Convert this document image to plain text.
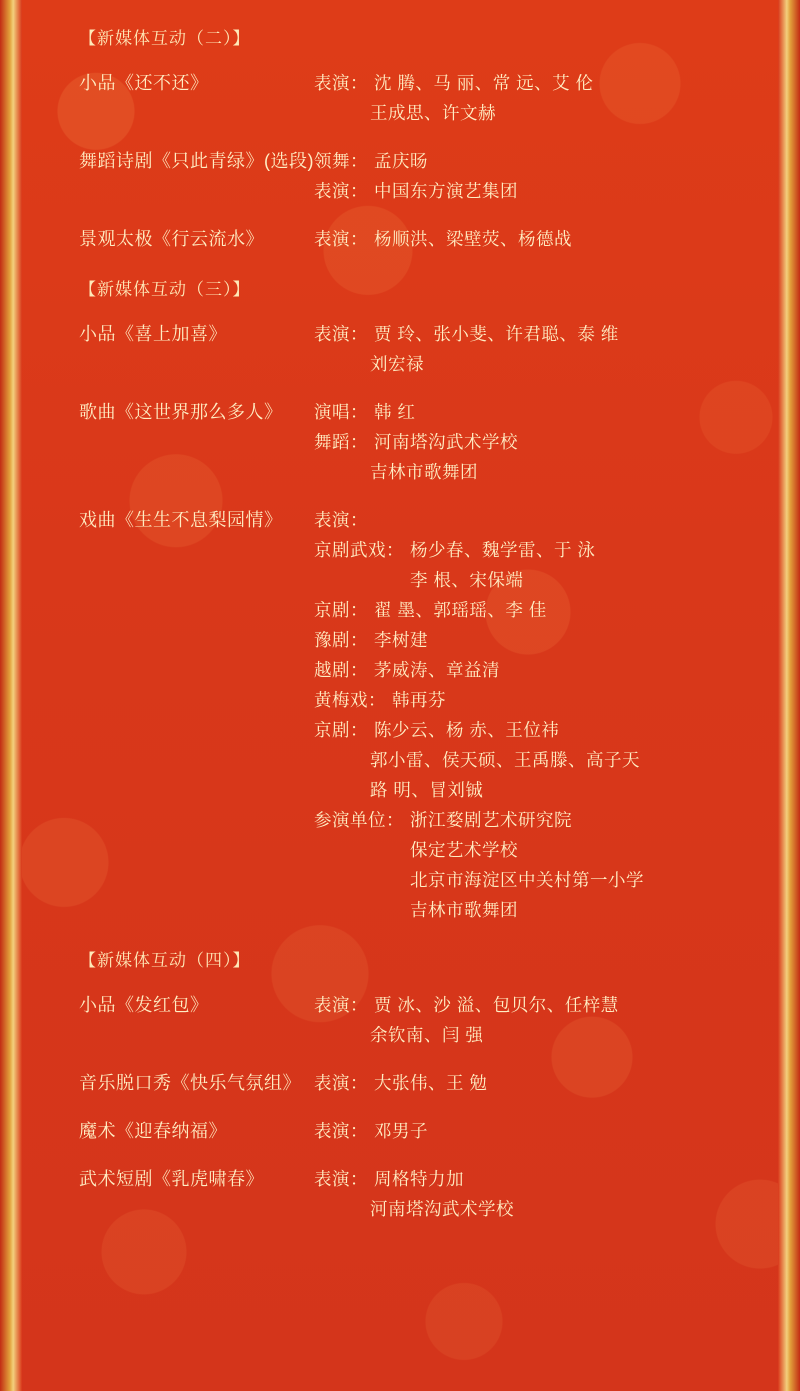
【新媒体互动（二）】
小品《还不还》	表演： 沈 腾、马 丽、常 远、艾 伦
王成思、许文赫
舞蹈诗剧《只此青绿》(选段) 领舞： 孟庆旸
表演： 中国东方演艺集团
景观太极《行云流水》	表演： 杨顺洪、梁壁荧、杨德战
【新媒体互动（三）】
小品《喜上加喜》	表演： 贾 玲、张小斐、许君聪、泰 维
刘宏禄
歌曲《这世界那么多人》	演唱： 韩 红
舞蹈： 河南塔沟武术学校
吉林市歌舞团
戏曲《生生不息梨园情》	表演：
京剧武戏： 杨少春、魏学雷、于 泳
李 根、宋保端
京剧： 翟 墨、郭瑶瑶、李 佳
豫剧： 李树建
越剧： 茅威涛、章益清
黄梅戏： 韩再芬
京剧： 陈少云、杨 赤、王位祎
郭小雷、侯天硕、王禹滕、高子天
路 明、冒刘铖
参演单位： 浙江婺剧艺术研究院
保定艺术学校
北京市海淀区中关村第一小学
吉林市歌舞团
【新媒体互动（四）】
小品《发红包》	表演： 贾 冰、沙 溢、包贝尔、任梓慧
余钦南、闫 强
音乐脱口秀《快乐气氛组》 表演： 大张伟、王 勉
魔术《迎春纳福》	表演： 邓男子
武术短剧《乳虎啸春》	表演： 周格特力加
河南塔沟武术学校
